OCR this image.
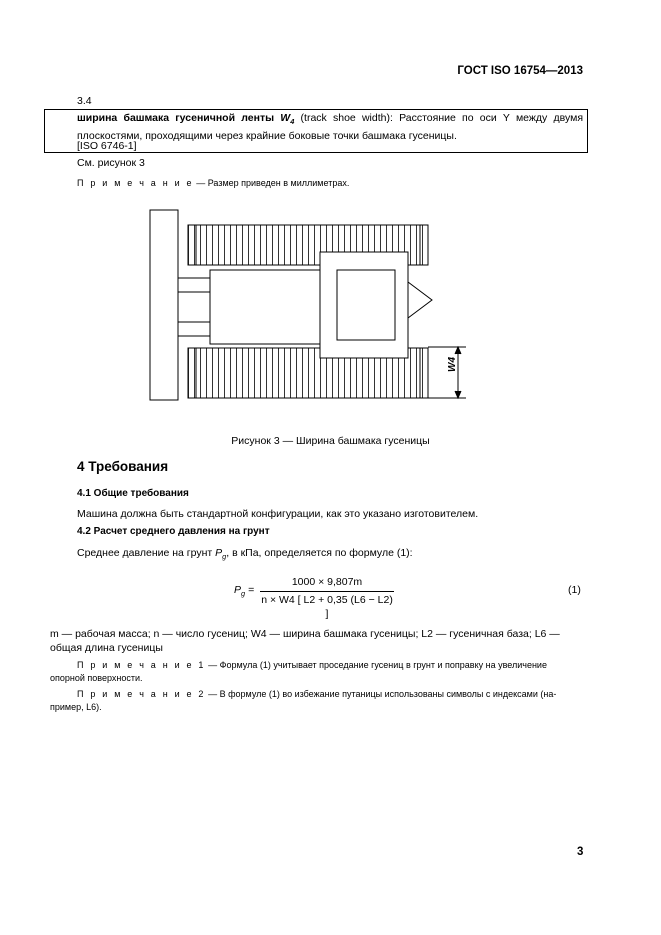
ГОСТ ISO 16754—2013
3.4
ширина башмака гусеничной ленты $W_4$ (track shoe width): Расстояние по оси Y между двумя плоскостями, проходящими через крайние боковые точки башмака гусеницы.
[ISO 6746-1]
См. рисунок 3
П р и м е ч а н и е — Размер приведен в миллиметрах.
W4
Рисунок 3 — Ширина башмака гусеницы
4 Требования
4.1 Общие требования
Машина должна быть стандартной конфигурации, как это указано изготовителем.
4.2 Расчет среднего давления на грунт
Среднее давление на грунт $P_g$, в кПа, определяется по формуле (1):
$P_g$ =
1000 × 9,807m
n × W4 [ L2 + 0,35 (L6 − L2) ]
(1)
m — рабочая масса; n — число гусениц; W4 — ширина башмака гусеницы; L2 — гусеничная база; L6 —
общая длина гусеницы
П р и м е ч а н и е 1 — Формула (1) учитывает проседание гусениц в грунт и поправку на увеличение
опорной поверхности.
П р и м е ч а н и е 2 — В формуле (1) во избежание путаницы использованы символы с индексами (на-
пример, L6).
3
